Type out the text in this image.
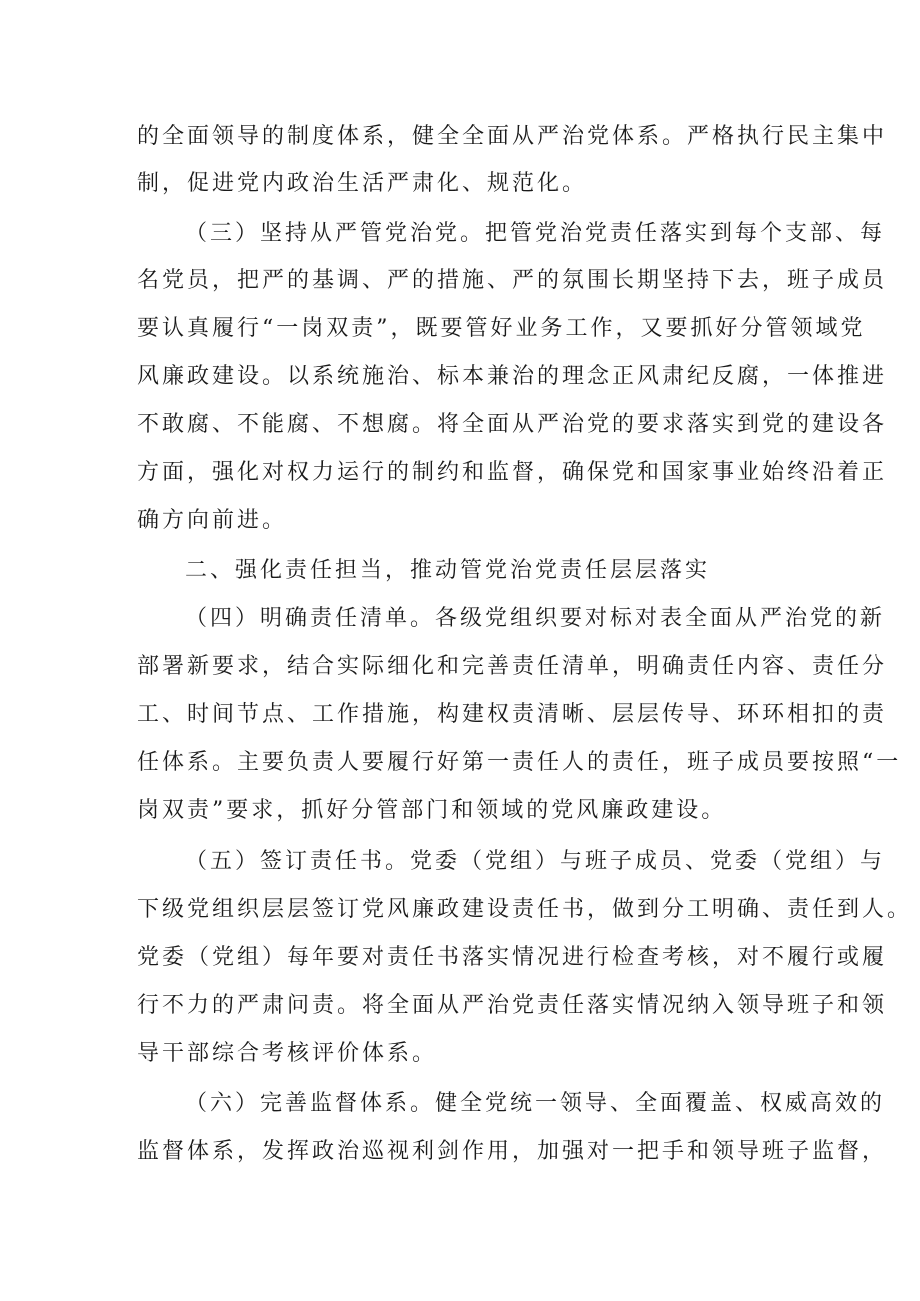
的全面领导的制度体系，健全全面从严治党体系。严格执行民主集中
制，促进党内政治生活严肃化、规范化。
（三）坚持从严管党治党。把管党治党责任落实到每个支部、每
名党员，把严的基调、严的措施、严的氛围长期坚持下去，班子成员
要认真履行“一岗双责”，既要管好业务工作，又要抓好分管领域党
风廉政建设。以系统施治、标本兼治的理念正风肃纪反腐，一体推进
不敢腐、不能腐、不想腐。将全面从严治党的要求落实到党的建设各
方面，强化对权力运行的制约和监督，确保党和国家事业始终沿着正
确方向前进。
二、强化责任担当，推动管党治党责任层层落实
（四）明确责任清单。各级党组织要对标对表全面从严治党的新
部署新要求，结合实际细化和完善责任清单，明确责任内容、责任分
工、时间节点、工作措施，构建权责清晰、层层传导、环环相扣的责
任体系。主要负责人要履行好第一责任人的责任，班子成员要按照“一
岗双责”要求，抓好分管部门和领域的党风廉政建设。
（五）签订责任书。党委（党组）与班子成员、党委（党组）与
下级党组织层层签订党风廉政建设责任书，做到分工明确、责任到人。
党委（党组）每年要对责任书落实情况进行检查考核，对不履行或履
行不力的严肃问责。将全面从严治党责任落实情况纳入领导班子和领
导干部综合考核评价体系。
（六）完善监督体系。健全党统一领导、全面覆盖、权威高效的
监督体系，发挥政治巡视利剑作用，加强对一把手和领导班子监督，
